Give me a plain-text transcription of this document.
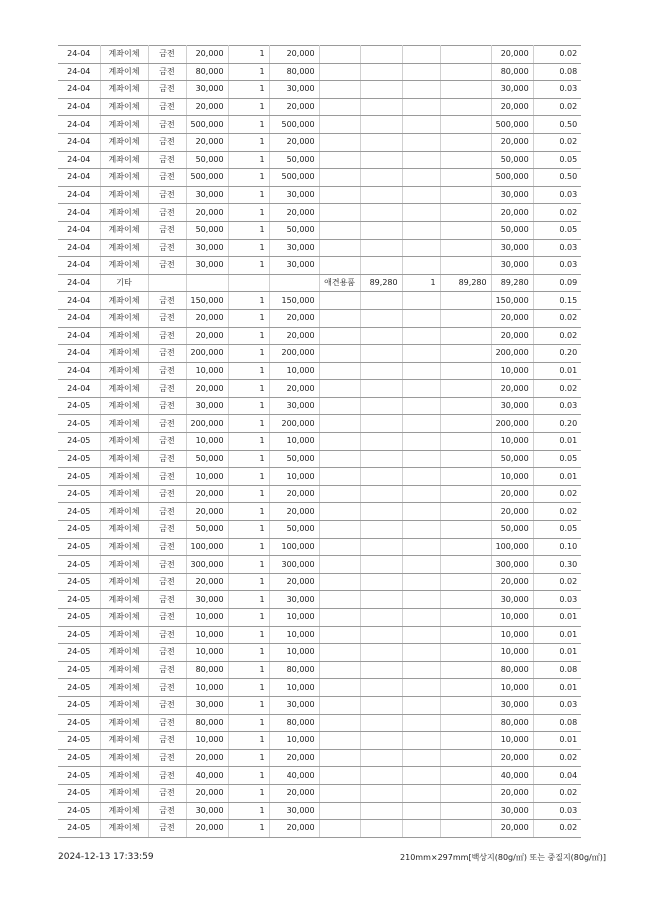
24-04	계좌이체	금전	20,000	1	20,000					20,000	0.02
24-04	계좌이체	금전	80,000	1	80,000					80,000	0.08
24-04	계좌이체	금전	30,000	1	30,000					30,000	0.03
24-04	계좌이체	금전	20,000	1	20,000					20,000	0.02
24-04	계좌이체	금전	500,000	1	500,000					500,000	0.50
24-04	계좌이체	금전	20,000	1	20,000					20,000	0.02
24-04	계좌이체	금전	50,000	1	50,000					50,000	0.05
24-04	계좌이체	금전	500,000	1	500,000					500,000	0.50
24-04	계좌이체	금전	30,000	1	30,000					30,000	0.03
24-04	계좌이체	금전	20,000	1	20,000					20,000	0.02
24-04	계좌이체	금전	50,000	1	50,000					50,000	0.05
24-04	계좌이체	금전	30,000	1	30,000					30,000	0.03
24-04	계좌이체	금전	30,000	1	30,000					30,000	0.03
24-04	기타					애견용품	89,280	1	89,280	89,280	0.09
24-04	계좌이체	금전	150,000	1	150,000					150,000	0.15
24-04	계좌이체	금전	20,000	1	20,000					20,000	0.02
24-04	계좌이체	금전	20,000	1	20,000					20,000	0.02
24-04	계좌이체	금전	200,000	1	200,000					200,000	0.20
24-04	계좌이체	금전	10,000	1	10,000					10,000	0.01
24-04	계좌이체	금전	20,000	1	20,000					20,000	0.02
24-05	계좌이체	금전	30,000	1	30,000					30,000	0.03
24-05	계좌이체	금전	200,000	1	200,000					200,000	0.20
24-05	계좌이체	금전	10,000	1	10,000					10,000	0.01
24-05	계좌이체	금전	50,000	1	50,000					50,000	0.05
24-05	계좌이체	금전	10,000	1	10,000					10,000	0.01
24-05	계좌이체	금전	20,000	1	20,000					20,000	0.02
24-05	계좌이체	금전	20,000	1	20,000					20,000	0.02
24-05	계좌이체	금전	50,000	1	50,000					50,000	0.05
24-05	계좌이체	금전	100,000	1	100,000					100,000	0.10
24-05	계좌이체	금전	300,000	1	300,000					300,000	0.30
24-05	계좌이체	금전	20,000	1	20,000					20,000	0.02
24-05	계좌이체	금전	30,000	1	30,000					30,000	0.03
24-05	계좌이체	금전	10,000	1	10,000					10,000	0.01
24-05	계좌이체	금전	10,000	1	10,000					10,000	0.01
24-05	계좌이체	금전	10,000	1	10,000					10,000	0.01
24-05	계좌이체	금전	80,000	1	80,000					80,000	0.08
24-05	계좌이체	금전	10,000	1	10,000					10,000	0.01
24-05	계좌이체	금전	30,000	1	30,000					30,000	0.03
24-05	계좌이체	금전	80,000	1	80,000					80,000	0.08
24-05	계좌이체	금전	10,000	1	10,000					10,000	0.01
24-05	계좌이체	금전	20,000	1	20,000					20,000	0.02
24-05	계좌이체	금전	40,000	1	40,000					40,000	0.04
24-05	계좌이체	금전	20,000	1	20,000					20,000	0.02
24-05	계좌이체	금전	30,000	1	30,000					30,000	0.03
24-05	계좌이체	금전	20,000	1	20,000					20,000	0.02
2024-12-13 17:33:59	210mm×297mm[백상지(80g/㎡) 또는 중질지(80g/㎡)]
